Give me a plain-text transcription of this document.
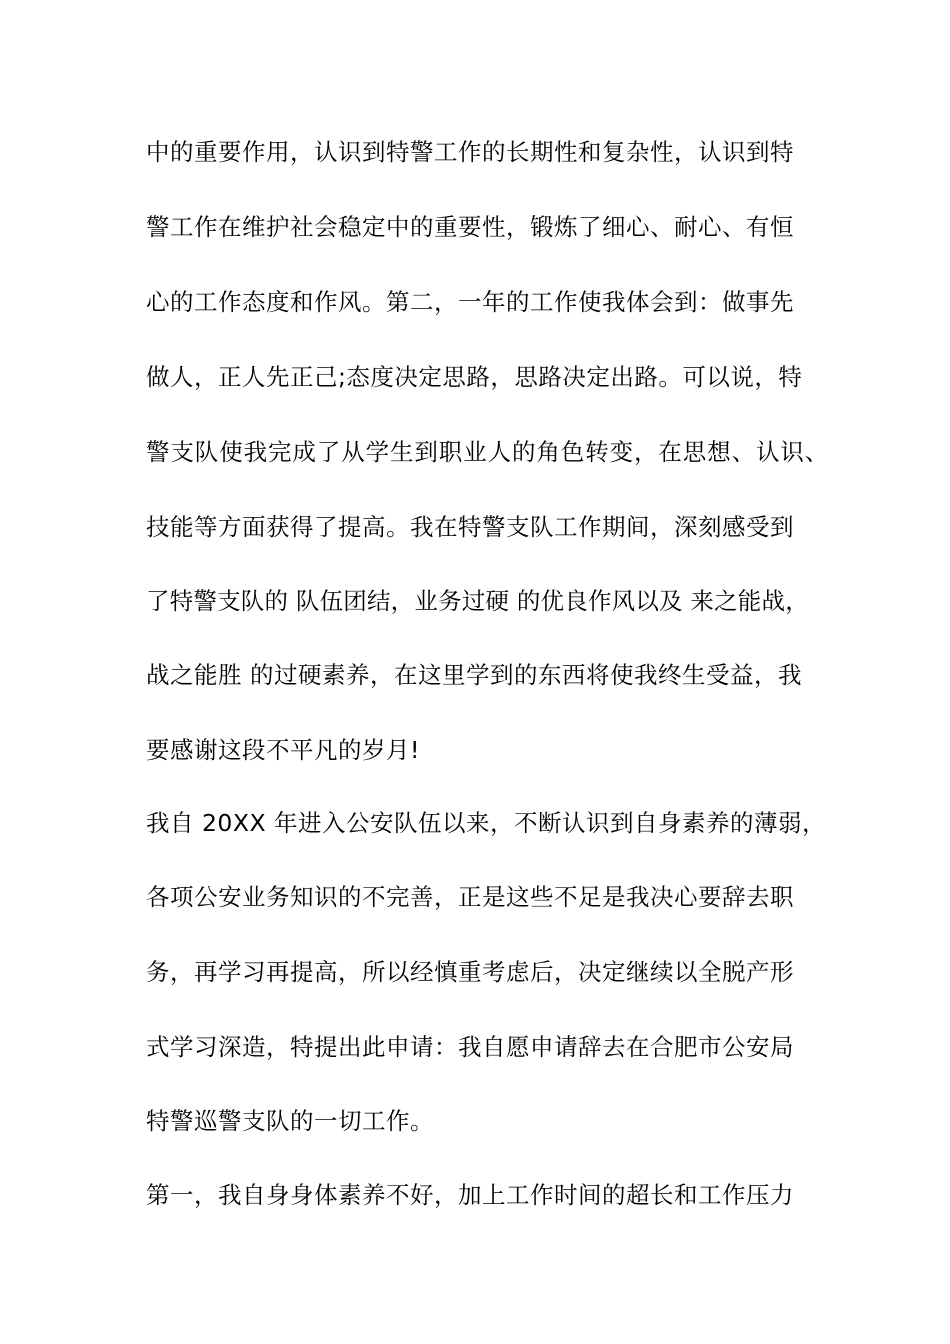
中的重要作用，认识到特警工作的长期性和复杂性，认识到特
警工作在维护社会稳定中的重要性，锻炼了细心、耐心、有恒
心的工作态度和作风。第二，一年的工作使我体会到：做事先
做人，正人先正己;态度决定思路，思路决定出路。可以说，特
警支队使我完成了从学生到职业人的角色转变，在思想、认识、
技能等方面获得了提高。我在特警支队工作期间，深刻感受到
了特警支队的 队伍团结，业务过硬 的优良作风以及 来之能战，
战之能胜 的过硬素养，在这里学到的东西将使我终生受益，我
要感谢这段不平凡的岁月!
我自 20XX 年进入公安队伍以来，不断认识到自身素养的薄弱，
各项公安业务知识的不完善，正是这些不足是我决心要辞去职
务，再学习再提高，所以经慎重考虑后，决定继续以全脱产形
式学习深造，特提出此申请：我自愿申请辞去在合肥市公安局
特警巡警支队的一切工作。
第一，我自身身体素养不好，加上工作时间的超长和工作压力
